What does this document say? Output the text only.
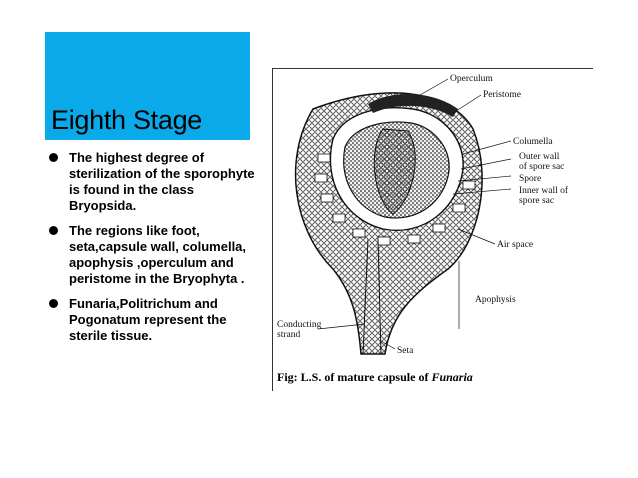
Eighth Stage
The highest degree of sterilization of the sporophyte is found in the class Bryopsida.
The regions like foot, seta,capsule wall, columella, apophysis ,operculum and peristome in the Bryophyta .
Funaria,Politrichum and Pogonatum represent the sterile tissue.
Operculum
Peristome
Columella
Outer wall
of spore sac
Spore
Inner wall of
spore sac
Air space
Apophysis
Conducting
strand
Seta
Fig: L.S. of mature capsule of Funaria
